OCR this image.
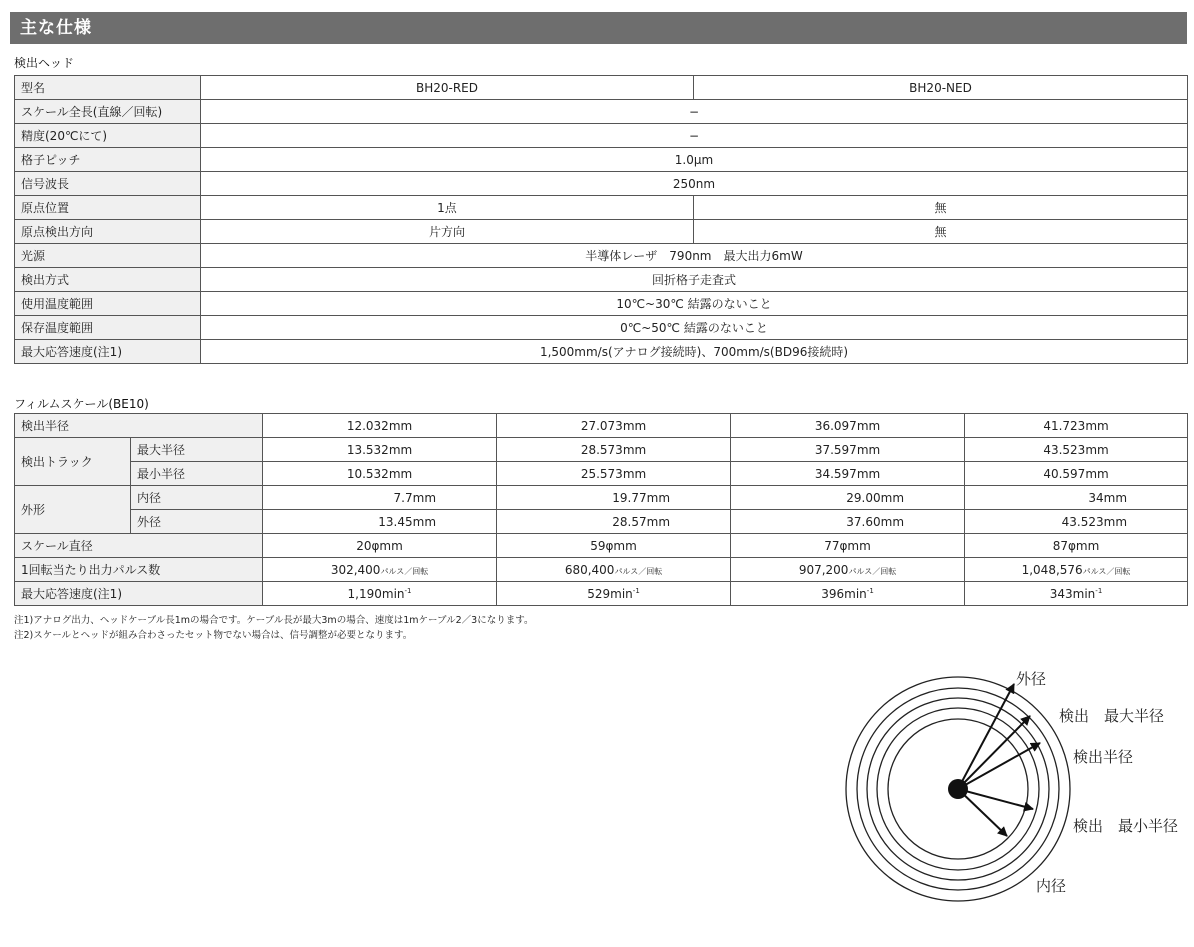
主な仕様
検出ヘッド
型名	BH20-RED	BH20-NED
スケール全長(直線／回転)	−	
精度(20℃にて)	−	
格子ピッチ	1.0μm	
信号波長	250nm	
原点位置	1点	無
原点検出方向	片方向	無
光源	半導体レーザ　790nm　最大出力6mW	
検出方式	回折格子走査式	
使用温度範囲	10℃~30℃ 結露のないこと	
保存温度範囲	0℃~50℃ 結露のないこと	
最大応答速度(注1)	1,500mm/s(アナログ接続時)、700mm/s(BD96接続時)	
フィルムスケール(BE10)
検出半径		12.032mm	27.073mm	36.097mm	41.723mm
検出トラック	最大半径	13.532mm	28.573mm	37.597mm	43.523mm
	最小半径	10.532mm	25.573mm	34.597mm	40.597mm
外形	内径	7.7mm	19.77mm	29.00mm	34mm
	外径	13.45mm	28.57mm	37.60mm	43.523mm
スケール直径		20φmm	59φmm	77φmm	87φmm
1回転当たり出力パルス数		302,400パルス／回転	680,400パルス／回転	907,200パルス／回転	1,048,576パルス／回転
最大応答速度(注1)		$1,190\min^{-1}$	$529\min^{-1}$	$396\min^{-1}$	$343\min^{-1}$
注1)アナログ出力、ヘッドケーブル長1mの場合です。ケーブル長が最大3mの場合、速度は1mケーブル2／3になります。
注2)スケールとヘッドが組み合わさったセット物でない場合は、信号調整が必要となります。
外径
検出　最大半径
検出半径
検出　最小半径
内径
